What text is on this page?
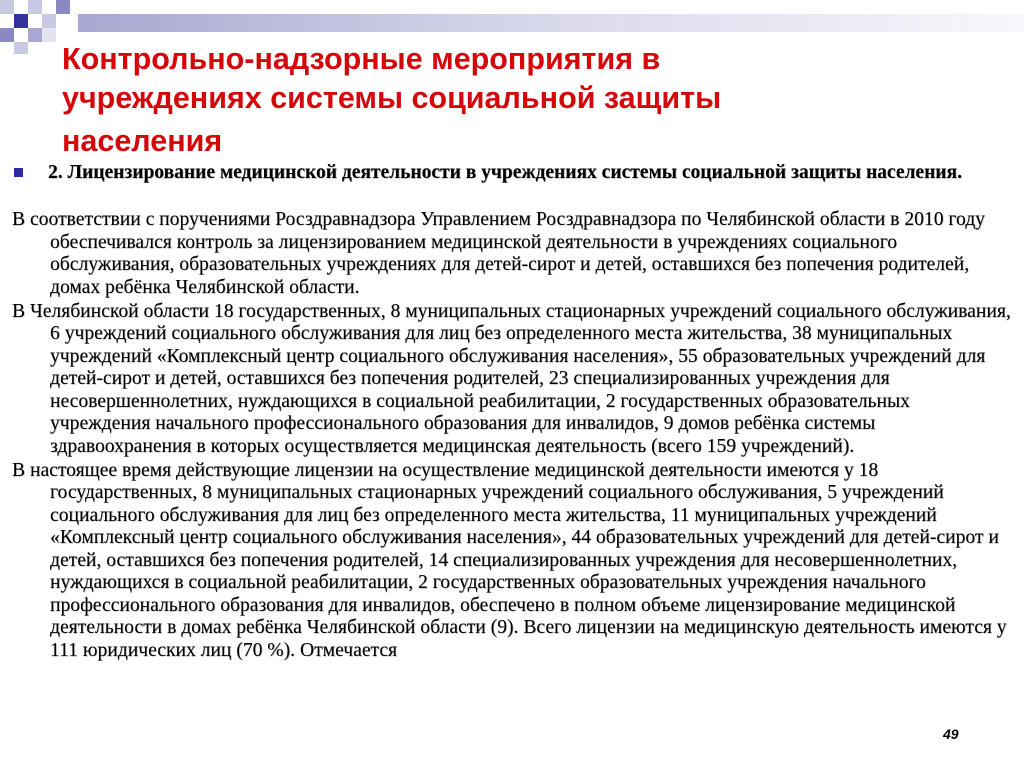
Контрольно-надзорные мероприятия в
учреждениях системы социальной защиты
населения
2. Лицензирование медицинской деятельности в учреждениях системы социальной защиты населения.

В соответствии с поручениями Росздравнадзора Управлением Росздравнадзора по Челябинской области в 2010 году обеспечивался контроль за лицензированием медицинской деятельности в учреждениях социального обслуживания, образовательных учреждениях для детей-сирот и детей, оставшихся без попечения родителей, домах ребёнка Челябинской области.

В Челябинской области 18 государственных, 8 муниципальных стационарных учреждений социального обслуживания, 6 учреждений социального обслуживания для лиц без определенного места жительства, 38 муниципальных учреждений «Комплексный центр социального обслуживания населения», 55 образовательных учреждений для детей-сирот и детей, оставшихся без попечения родителей, 23 специализированных учреждения для несовершеннолетних, нуждающихся в социальной реабилитации, 2 государственных образовательных учреждения начального профессионального образования для инвалидов, 9 домов ребёнка системы здравоохранения в которых осуществляется медицинская деятельность (всего 159 учреждений).

В настоящее время действующие лицензии на осуществление медицинской деятельности имеются у 18 государственных, 8 муниципальных стационарных учреждений социального обслуживания, 5 учреждений социального обслуживания для лиц без определенного места жительства, 11 муниципальных учреждений «Комплексный центр социального обслуживания населения», 44 образовательных учреждений для детей-сирот и детей, оставшихся без попечения родителей, 14 специализированных учреждения для несовершеннолетних, нуждающихся в социальной реабилитации, 2 государственных образовательных учреждения начального профессионального образования для инвалидов, обеспечено в полном объеме лицензирование медицинской деятельности в домах ребёнка Челябинской области (9). Всего лицензии на медицинскую деятельность имеются у 111 юридических лиц (70 %). Отмечается

49
